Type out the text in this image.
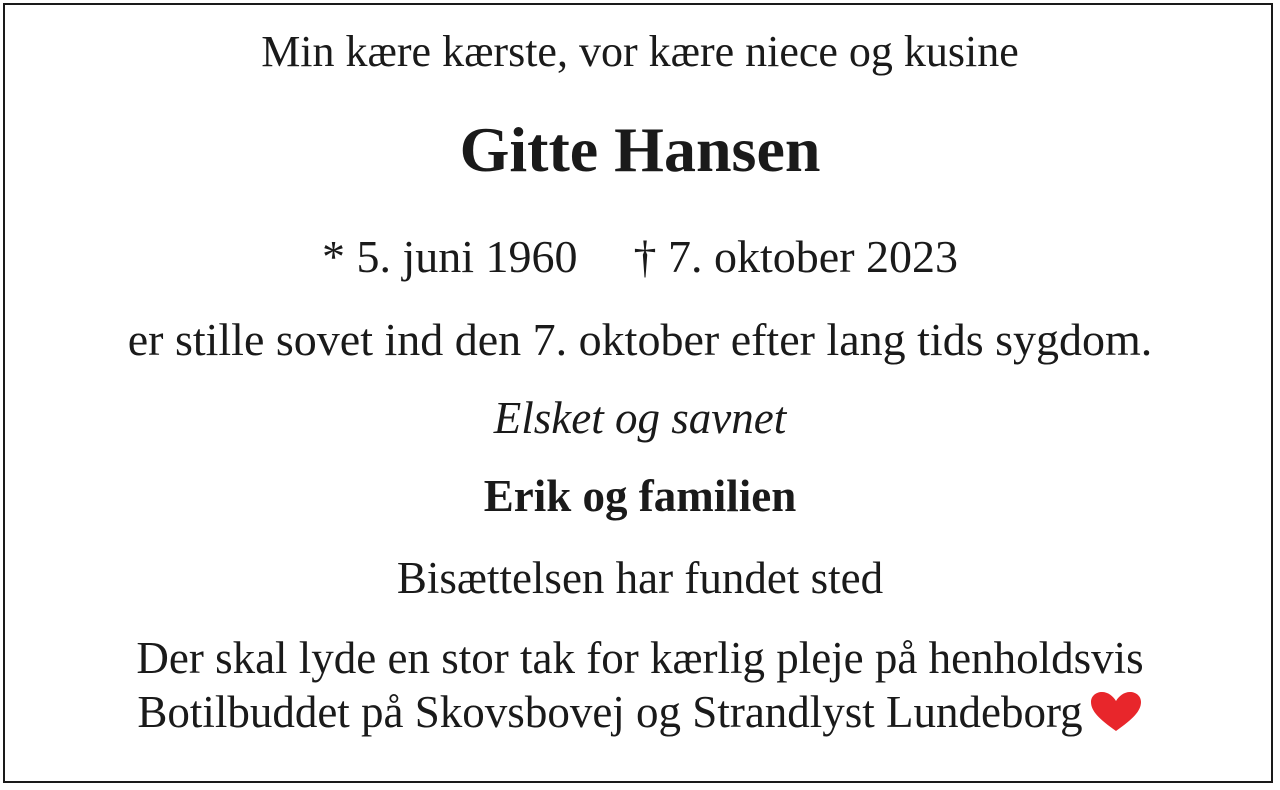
Min kære kærste, vor kære niece og kusine
Gitte Hansen
* 5. juni 1960 † 7. oktober 2023
er stille sovet ind den 7. oktober efter lang tids sygdom.
Elsket og savnet
Erik og familien
Bisættelsen har fundet sted
Der skal lyde en stor tak for kærlig pleje på henholdsvis
Botilbuddet på Skovsbovej og Strandlyst Lundeborg
